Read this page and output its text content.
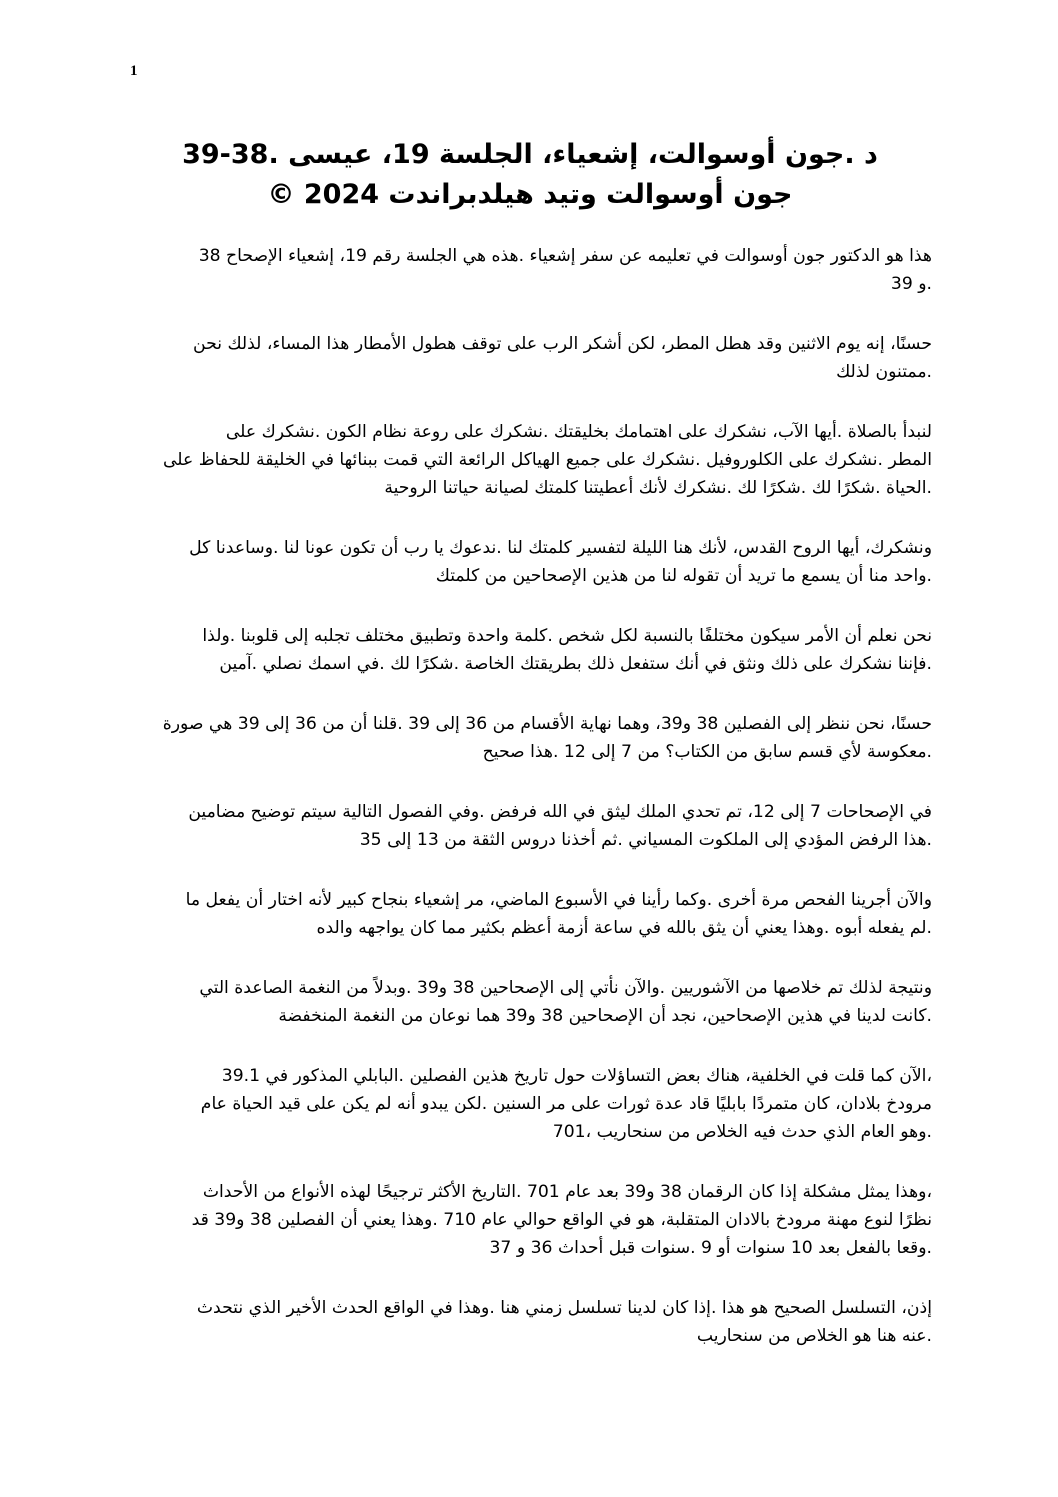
1
د .جون أوسوالت، إشعياء، الجلسة 19، عيسى .38-39
جون أوسوالت وتيد هيلدبراندت 2024 ©

هذا هو الدكتور جون أوسوالت في تعليمه عن سفر إشعياء .هذه هي الجلسة رقم 19، إشعياء الإصحاح 38
.و 39

حسنًا، إنه يوم الاثنين وقد هطل المطر، لكن أشكر الرب على توقف هطول الأمطار هذا المساء، لذلك نحن
.ممتنون لذلك

لنبدأ بالصلاة .أيها الآب، نشكرك على اهتمامك بخليقتك .نشكرك على روعة نظام الكون .نشكرك على
المطر .نشكرك على الكلوروفيل .نشكرك على جميع الهياكل الرائعة التي قمت ببنائها في الخليقة للحفاظ على
.الحياة .شكرًا لك .شكرًا لك .نشكرك لأنك أعطيتنا كلمتك لصيانة حياتنا الروحية

ونشكرك، أيها الروح القدس، لأنك هنا الليلة لتفسير كلمتك لنا .ندعوك يا رب أن تكون عونا لنا .وساعدنا كل
.واحد منا أن يسمع ما تريد أن تقوله لنا من هذين الإصحاحين من كلمتك

نحن نعلم أن الأمر سيكون مختلفًا بالنسبة لكل شخص .كلمة واحدة وتطبيق مختلف تجلبه إلى قلوبنا .ولذا
.فإننا نشكرك على ذلك ونثق في أنك ستفعل ذلك بطريقتك الخاصة .شكرًا لك .في اسمك نصلي .آمين

حسنًا، نحن ننظر إلى الفصلين 38 و39، وهما نهاية الأقسام من 36 إلى 39 .قلنا أن من 36 إلى 39 هي صورة
.معكوسة لأي قسم سابق من الكتاب؟ من 7 إلى 12 .هذا صحيح

في الإصحاحات 7 إلى 12، تم تحدي الملك ليثق في الله فرفض .وفي الفصول التالية سيتم توضيح مضامين
.هذا الرفض المؤدي إلى الملكوت المسياني .ثم أخذنا دروس الثقة من 13 إلى 35

والآن أجرينا الفحص مرة أخرى .وكما رأينا في الأسبوع الماضي، مر إشعياء بنجاح كبير لأنه اختار أن يفعل ما
.لم يفعله أبوه .وهذا يعني أن يثق بالله في ساعة أزمة أعظم بكثير مما كان يواجهه والده

ونتيجة لذلك تم خلاصها من الآشوريين .والآن نأتي إلى الإصحاحين 38 و39 .وبدلاً من النغمة الصاعدة التي
.كانت لدينا في هذين الإصحاحين، نجد أن الإصحاحين 38 و39 هما نوعان من النغمة المنخفضة

،الآن كما قلت في الخلفية، هناك بعض التساؤلات حول تاريخ هذين الفصلين .البابلي المذكور في 39.1
مرودخ بلادان، كان متمردًا بابليًا قاد عدة ثورات على مر السنين .لكن يبدو أنه لم يكن على قيد الحياة عام
.وهو العام الذي حدث فيه الخلاص من سنحاريب ،701

،وهذا يمثل مشكلة إذا كان الرقمان 38 و39 بعد عام 701 .التاريخ الأكثر ترجيحًا لهذه الأنواع من الأحداث
نظرًا لنوع مهنة مرودخ بالادان المتقلبة، هو في الواقع حوالي عام 710 .وهذا يعني أن الفصلين 38 و39 قد
.وقعا بالفعل بعد 10 سنوات أو 9 .سنوات قبل أحداث 36 و 37

إذن، التسلسل الصحيح هو هذا .إذا كان لدينا تسلسل زمني هنا .وهذا في الواقع الحدث الأخير الذي نتحدث
.عنه هنا هو الخلاص من سنحاريب
